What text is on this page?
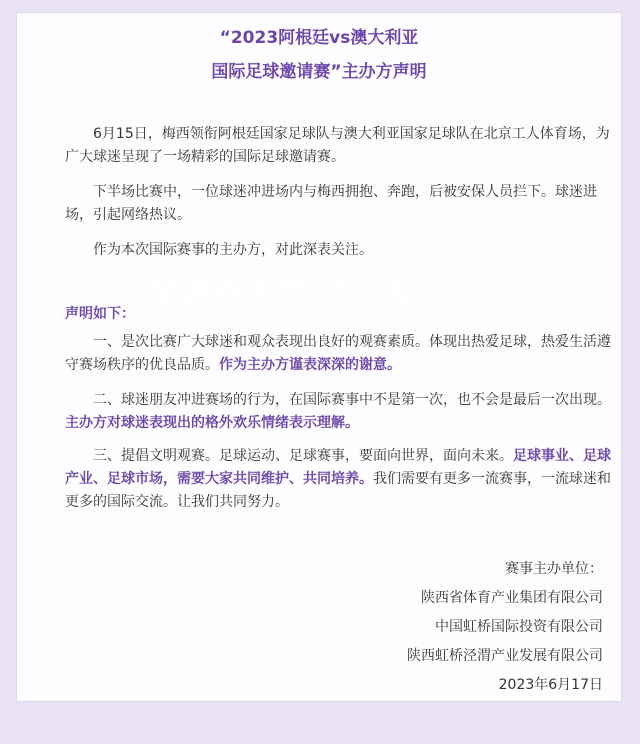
“2023阿根廷vs澳大利亚
国际足球邀请赛”主办方声明

6月15日，梅西领衔阿根廷国家足球队与澳大利亚国家足球队在北京工人体育场，为广大球迷呈现了一场精彩的国际足球邀请赛。

下半场比赛中，一位球迷冲进场内与梅西拥抱、奔跑，后被安保人员拦下。球迷进场，引起网络热议。

作为本次国际赛事的主办方，对此深表关注。

声明如下：

一、是次比赛广大球迷和观众表现出良好的观赛素质。体现出热爱足球，热爱生活遵守赛场秩序的优良品质。作为主办方谨表深深的谢意。

二、球迷朋友冲进赛场的行为，在国际赛事中不是第一次，也不会是最后一次出现。主办方对球迷表现出的格外欢乐情绪表示理解。

三、提倡文明观赛。足球运动、足球赛事，要面向世界，面向未来。足球事业、足球产业、足球市场，需要大家共同维护、共同培养。我们需要有更多一流赛事，一流球迷和更多的国际交流。让我们共同努力。

爱游戏体育·官方发布
赛事主办单位：
陕西省体育产业集团有限公司
中国虹桥国际投资有限公司
陕西虹桥泾渭产业发展有限公司
2023年6月17日
